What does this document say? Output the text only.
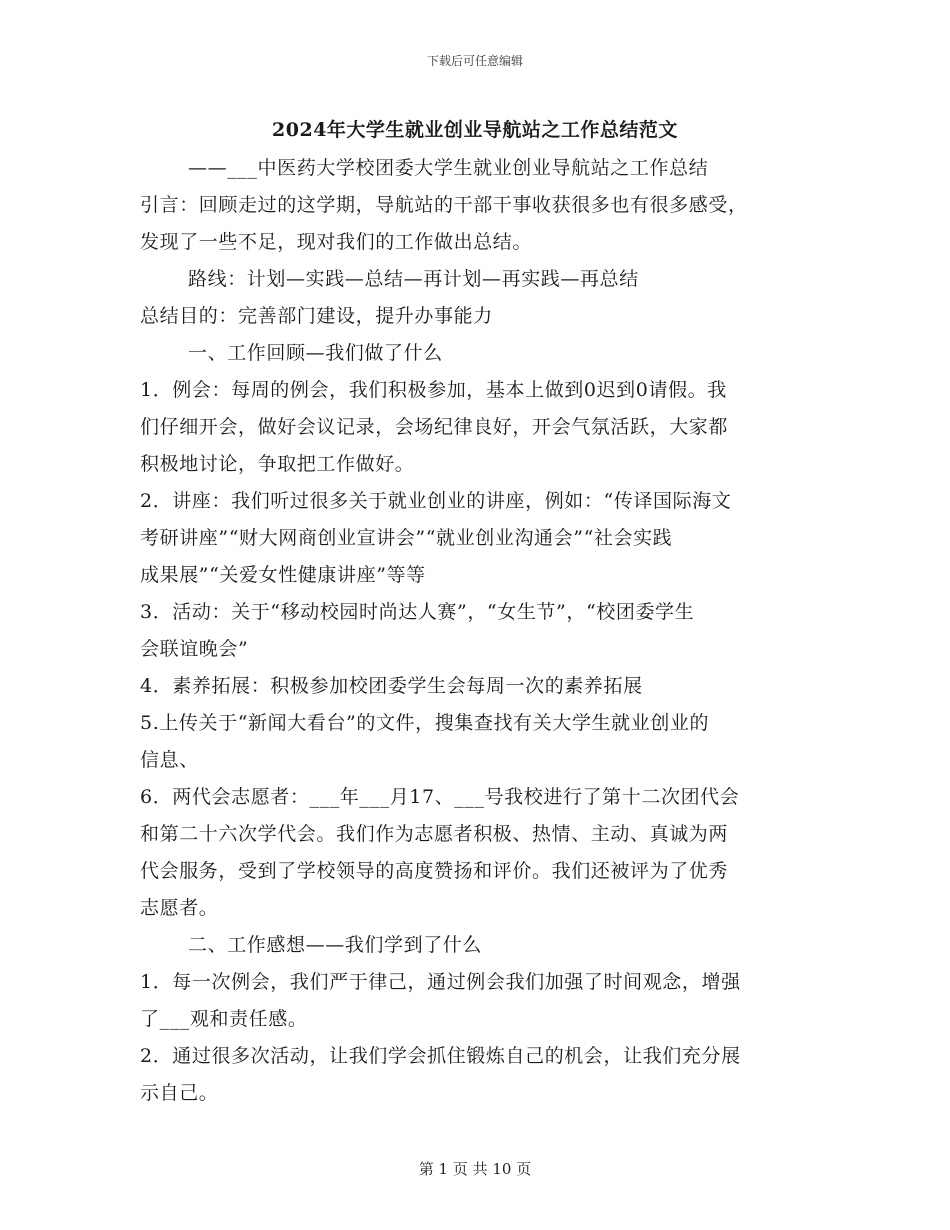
下载后可任意编辑
2024年大学生就业创业导航站之工作总结范文
——___中医药大学校团委大学生就业创业导航站之工作总结
引言：回顾走过的这学期，导航站的干部干事收获很多也有很多感受，
发现了一些不足，现对我们的工作做出总结。
路线：计划—实践—总结—再计划—再实践—再总结
总结目的：完善部门建设，提升办事能力
一、工作回顾—我们做了什么
1．例会：每周的例会，我们积极参加，基本上做到0迟到0请假。我
们仔细开会，做好会议记录，会场纪律良好，开会气氛活跃，大家都
积极地讨论，争取把工作做好。
2．讲座：我们听过很多关于就业创业的讲座，例如：“传译国际海文
考研讲座”“财大网商创业宣讲会”“就业创业沟通会”“社会实践
成果展”“关爱女性健康讲座”等等
3．活动：关于“移动校园时尚达人赛”，“女生节”，“校团委学生
会联谊晚会”
4．素养拓展：积极参加校团委学生会每周一次的素养拓展
5.上传关于“新闻大看台”的文件，搜集查找有关大学生就业创业的
信息、
6．两代会志愿者：___年___月17、___号我校进行了第十二次团代会
和第二十六次学代会。我们作为志愿者积极、热情、主动、真诚为两
代会服务，受到了学校领导的高度赞扬和评价。我们还被评为了优秀
志愿者。
二、工作感想——我们学到了什么
1．每一次例会，我们严于律己，通过例会我们加强了时间观念，增强
了___观和责任感。
2．通过很多次活动，让我们学会抓住锻炼自己的机会，让我们充分展
示自己。
第 1 页 共 10 页
